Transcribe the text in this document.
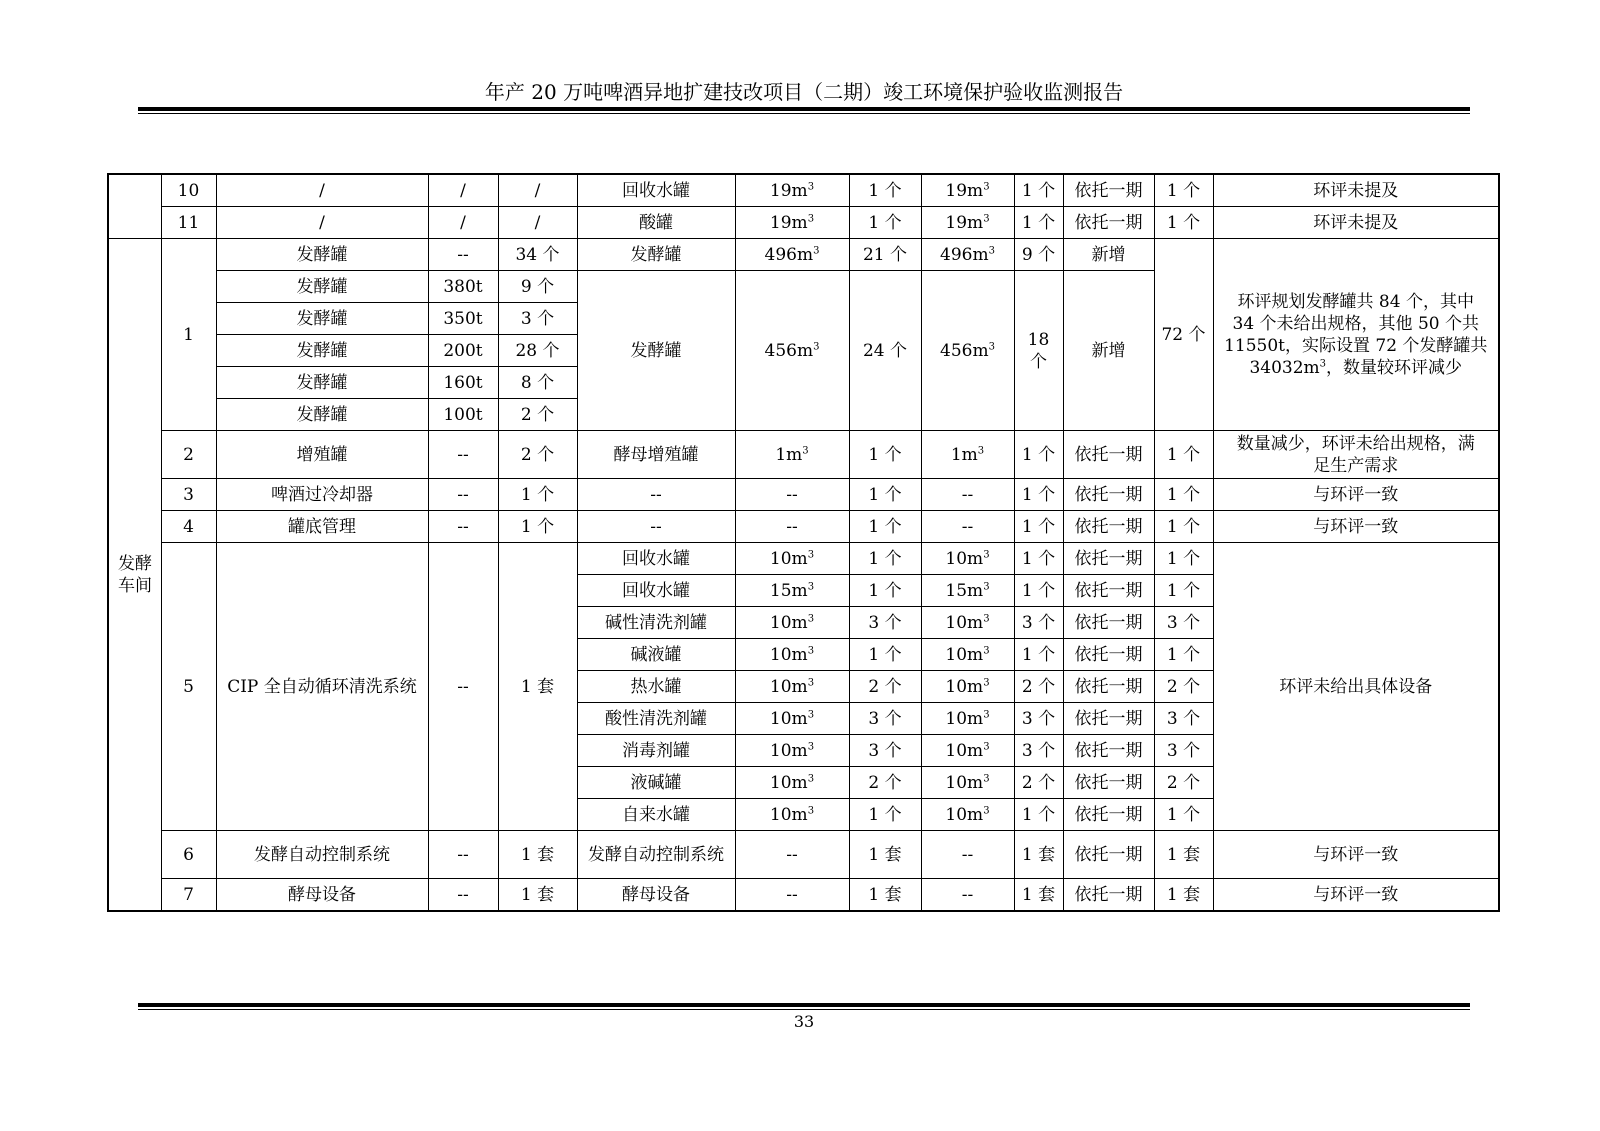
年产 20 万吨啤酒异地扩建技改项目（二期）竣工环境保护验收监测报告
	10	/	/	/	回收水罐	$19m^3$	1 个	$19m^3$	1 个	依托一期	1 个	环评未提及
	11	/	/	/	酸罐	$19m^3$	1 个	$19m^3$	1 个	依托一期	1 个	环评未提及

发酵车间	1	发酵罐	--	34 个	发酵罐	$496m^3$	21 个	$496m^3$	9 个	新增	72 个	环评规划发酵罐共 84 个，其中
34 个未给出规格，其他 50 个共
11550t，实际设置 72 个发酵罐共
$34032m^3$，数量较环评减少

		发酵罐	380t	9 个	发酵罐	$456m^3$	24 个	$456m^3$	18 个	新增		
		发酵罐	350t	3 个								
		发酵罐	200t	28 个								
		发酵罐	160t	8 个								
		发酵罐	100t	2 个								
	2	增殖罐	--	2 个	酵母增殖罐	$1m^3$	1 个	$1m^3$	1 个	依托一期	1 个	数量减少，环评未给出规格，满
足生产需求

	3	啤酒过冷却器	--	1 个	--	--	1 个	--	1 个	依托一期	1 个	与环评一致
	4	罐底管理	--	1 个	--	--	1 个	--	1 个	依托一期	1 个	与环评一致
	5	CIP 全自动循环清洗系统	--	1 套	回收水罐	$10m^3$	1 个	$10m^3$	1 个	依托一期	1 个	环评未给出具体设备
					回收水罐	$15m^3$	1 个	$15m^3$	1 个	依托一期	1 个	
					碱性清洗剂罐	$10m^3$	3 个	$10m^3$	3 个	依托一期	3 个	
					碱液罐	$10m^3$	1 个	$10m^3$	1 个	依托一期	1 个	
					热水罐	$10m^3$	2 个	$10m^3$	2 个	依托一期	2 个	
					酸性清洗剂罐	$10m^3$	3 个	$10m^3$	3 个	依托一期	3 个	
					消毒剂罐	$10m^3$	3 个	$10m^3$	3 个	依托一期	3 个	
					液碱罐	$10m^3$	2 个	$10m^3$	2 个	依托一期	2 个	
					自来水罐	$10m^3$	1 个	$10m^3$	1 个	依托一期	1 个	
	6	发酵自动控制系统	--	1 套	发酵自动控制系统	--	1 套	--	1 套	依托一期	1 套	与环评一致
	7	酵母设备	--	1 套	酵母设备	--	1 套	--	1 套	依托一期	1 套	与环评一致
33
